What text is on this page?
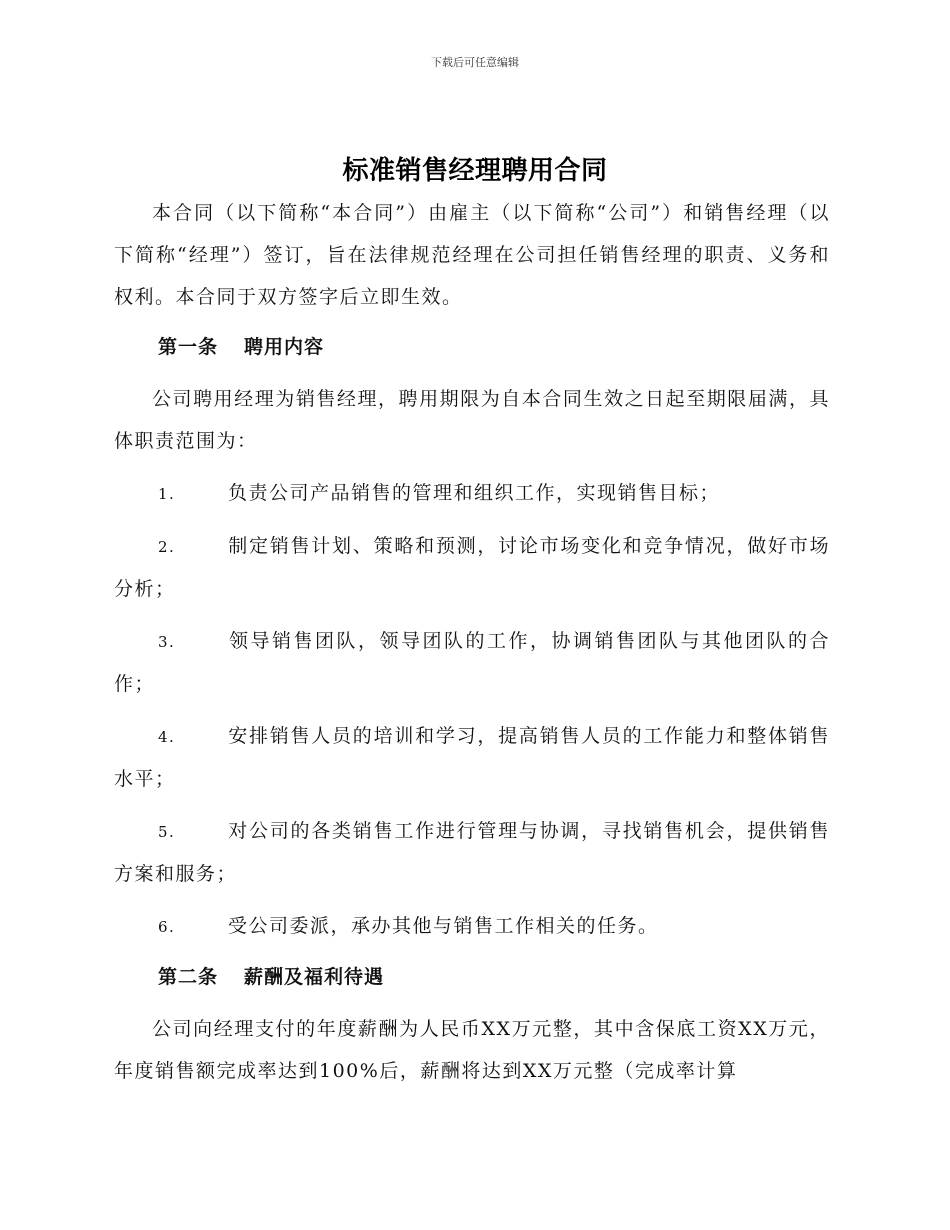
下载后可任意编辑
标准销售经理聘用合同

本合同（以下简称“本合同”）由雇主（以下简称“公司”）和销售经理（以下简称“经理”）签订，旨在法律规范经理在公司担任销售经理的职责、义务和权利。本合同于双方签字后立即生效。

第一条 聘用内容

公司聘用经理为销售经理，聘用期限为自本合同生效之日起至期限届满，具体职责范围为：

1.	负责公司产品销售的管理和组织工作，实现销售目标；

2.	制定销售计划、策略和预测，讨论市场变化和竞争情况，做好市场分析；

3.	领导销售团队，领导团队的工作，协调销售团队与其他团队的合作；

4.	安排销售人员的培训和学习，提高销售人员的工作能力和整体销售水平；

5.	对公司的各类销售工作进行管理与协调，寻找销售机会，提供销售方案和服务；

6.	受公司委派，承办其他与销售工作相关的任务。

第二条 薪酬及福利待遇

公司向经理支付的年度薪酬为人民币XX万元整，其中含保底工资XX万元，年度销售额完成率达到100%后，薪酬将达到XX万元整（完成率计算
